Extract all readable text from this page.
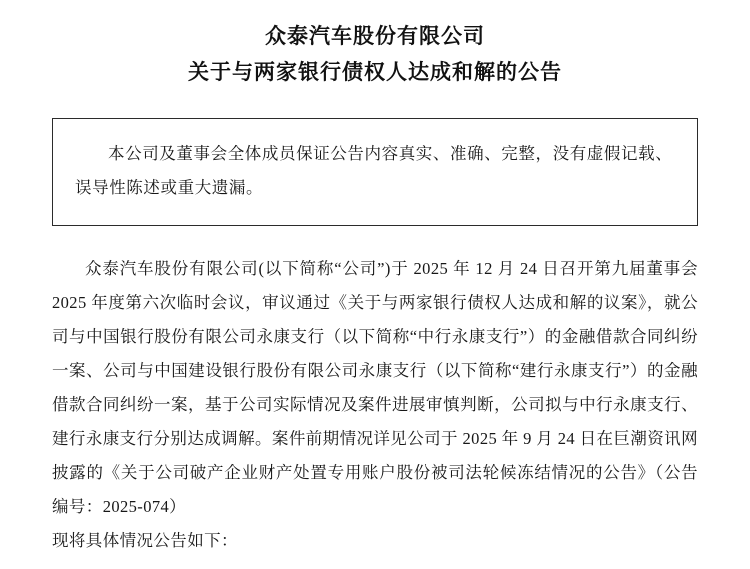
众泰汽车股份有限公司
关于与两家银行债权人达成和解的公告
本公司及董事会全体成员保证公告内容真实、准确、完整，没有虚假记载、
误导性陈述或重大遗漏。

众泰汽车股份有限公司(以下简称“公司”)于 2025 年 12 月 24 日召开第九届董事会 2025 年度第六次临时会议，审议通过《关于与两家银行债权人达成和解的议案》，就公司与中国银行股份有限公司永康支行（以下简称“中行永康支行”）的金融借款合同纠纷一案、公司与中国建设银行股份有限公司永康支行（以下简称“建行永康支行”）的金融借款合同纠纷一案，基于公司实际情况及案件进展审慎判断，公司拟与中行永康支行、建行永康支行分别达成调解。案件前期情况详见公司于 2025 年 9 月 24 日在巨潮资讯网披露的《关于公司破产企业财产处置专用账户股份被司法轮候冻结情况的公告》（公告编号：2025-074）

现将具体情况公告如下：
